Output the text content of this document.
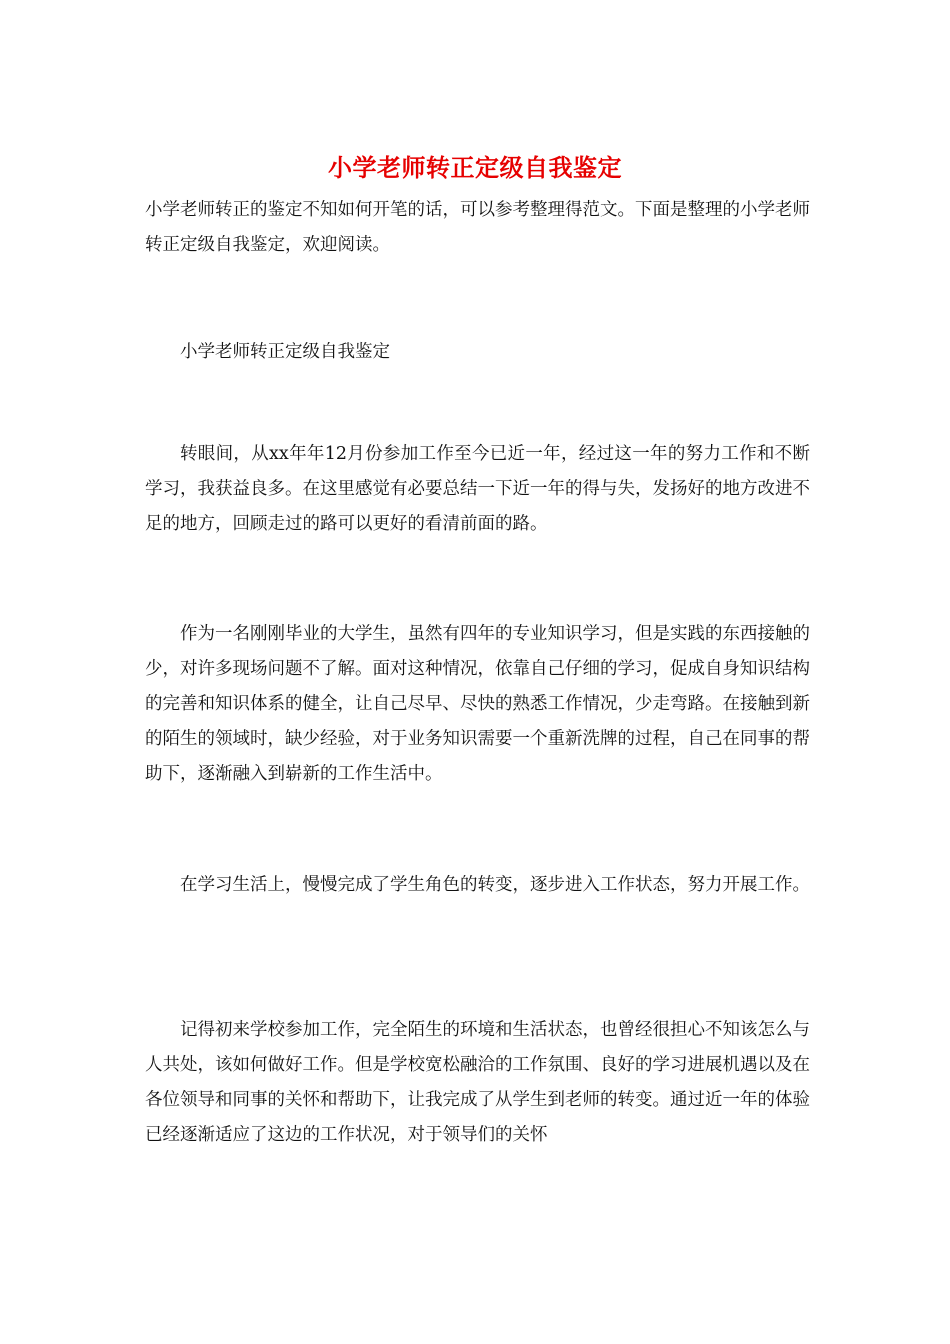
小学老师转正定级自我鉴定
小学老师转正的鉴定不知如何开笔的话，可以参考整理得范文。下面是整理的小学老师转正定级自我鉴定，欢迎阅读。
小学老师转正定级自我鉴定
转眼间，从xx年年12月份参加工作至今已近一年，经过这一年的努力工作和不断学习，我获益良多。在这里感觉有必要总结一下近一年的得与失，发扬好的地方改进不足的地方，回顾走过的路可以更好的看清前面的路。
作为一名刚刚毕业的大学生，虽然有四年的专业知识学习，但是实践的东西接触的少，对许多现场问题不了解。面对这种情况，依靠自己仔细的学习，促成自身知识结构的完善和知识体系的健全，让自己尽早、尽快的熟悉工作情况，少走弯路。在接触到新的陌生的领域时，缺少经验，对于业务知识需要一个重新洗牌的过程，自己在同事的帮助下，逐渐融入到崭新的工作生活中。
在学习生活上，慢慢完成了学生角色的转变，逐步进入工作状态，努力开展工作。
记得初来学校参加工作，完全陌生的环境和生活状态，也曾经很担心不知该怎么与人共处，该如何做好工作。但是学校宽松融洽的工作氛围、良好的学习进展机遇以及在各位领导和同事的关怀和帮助下，让我完成了从学生到老师的转变。通过近一年的体验已经逐渐适应了这边的工作状况，对于领导们的关怀
